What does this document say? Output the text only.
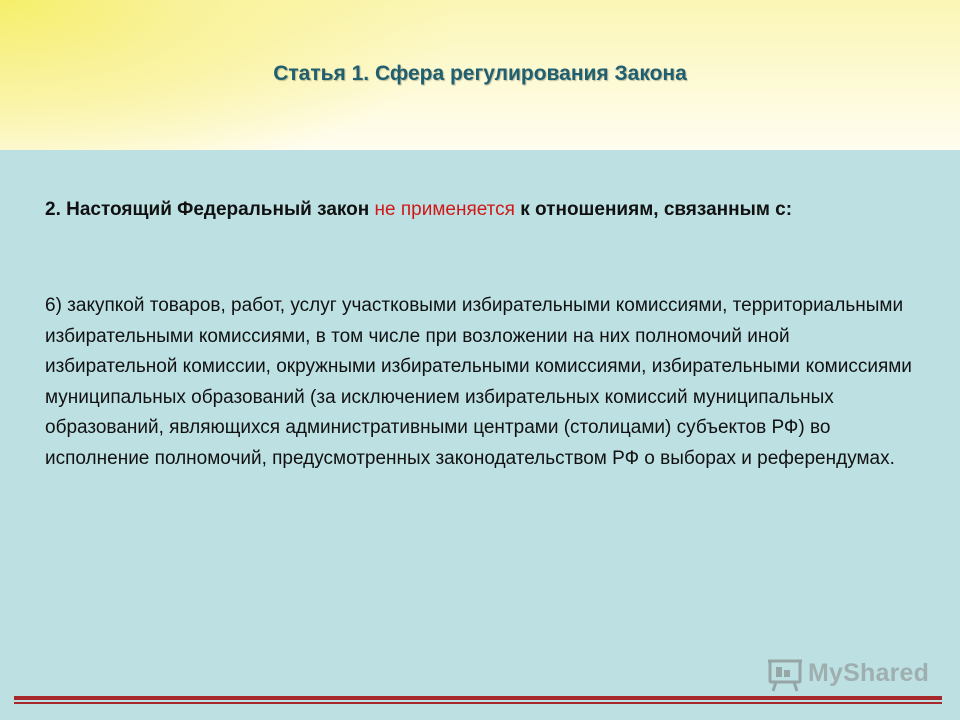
Статья 1. Сфера регулирования Закона
2. Настоящий Федеральный закон не применяется к отношениям, связанным с:
6) закупкой товаров, работ, услуг участковыми избирательными комиссиями, территориальными избирательными комиссиями, в том числе при возложении на них полномочий иной избирательной комиссии, окружными избирательными комиссиями, избирательными комиссиями муниципальных образований (за исключением избирательных комиссий муниципальных образований, являющихся административными центрами (столицами) субъектов РФ) во исполнение полномочий, предусмотренных законодательством РФ о выборах и референдумах.
MyShared
